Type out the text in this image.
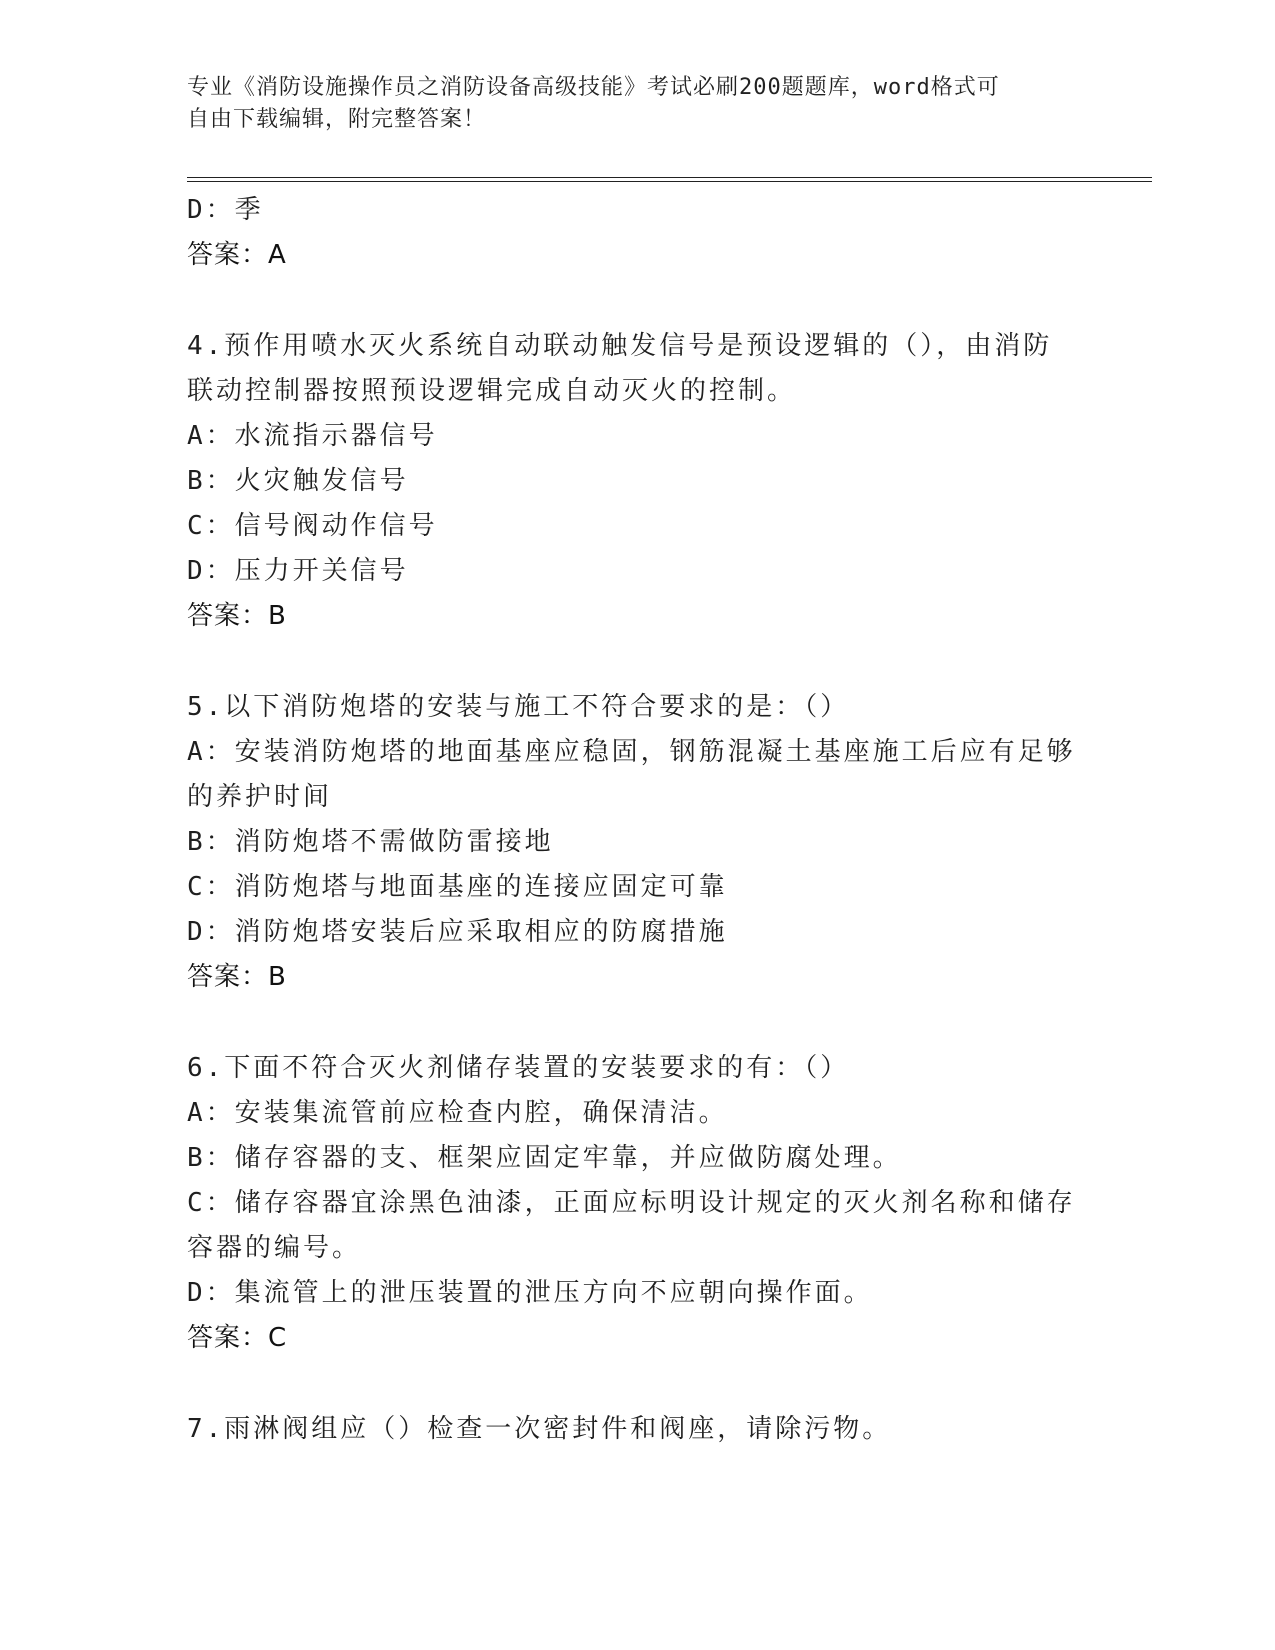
专业《消防设施操作员之消防设备高级技能》考试必刷200题题库，word格式可
自由下载编辑，附完整答案！
D：季
答案：A
4.预作用喷水灭火系统自动联动触发信号是预设逻辑的（），由消防
联动控制器按照预设逻辑完成自动灭火的控制。
A：水流指示器信号
B：火灾触发信号
C：信号阀动作信号
D：压力开关信号
答案：B
5.以下消防炮塔的安装与施工不符合要求的是：（）
A：安装消防炮塔的地面基座应稳固，钢筋混凝土基座施工后应有足够
的养护时间
B：消防炮塔不需做防雷接地
C：消防炮塔与地面基座的连接应固定可靠
D：消防炮塔安装后应采取相应的防腐措施
答案：B
6.下面不符合灭火剂储存装置的安装要求的有：（）
A：安装集流管前应检查内腔，确保清洁。
B：储存容器的支、框架应固定牢靠，并应做防腐处理。
C：储存容器宜涂黑色油漆，正面应标明设计规定的灭火剂名称和储存
容器的编号。
D：集流管上的泄压装置的泄压方向不应朝向操作面。
答案：C
7.雨淋阀组应（）检查一次密封件和阀座，请除污物。
